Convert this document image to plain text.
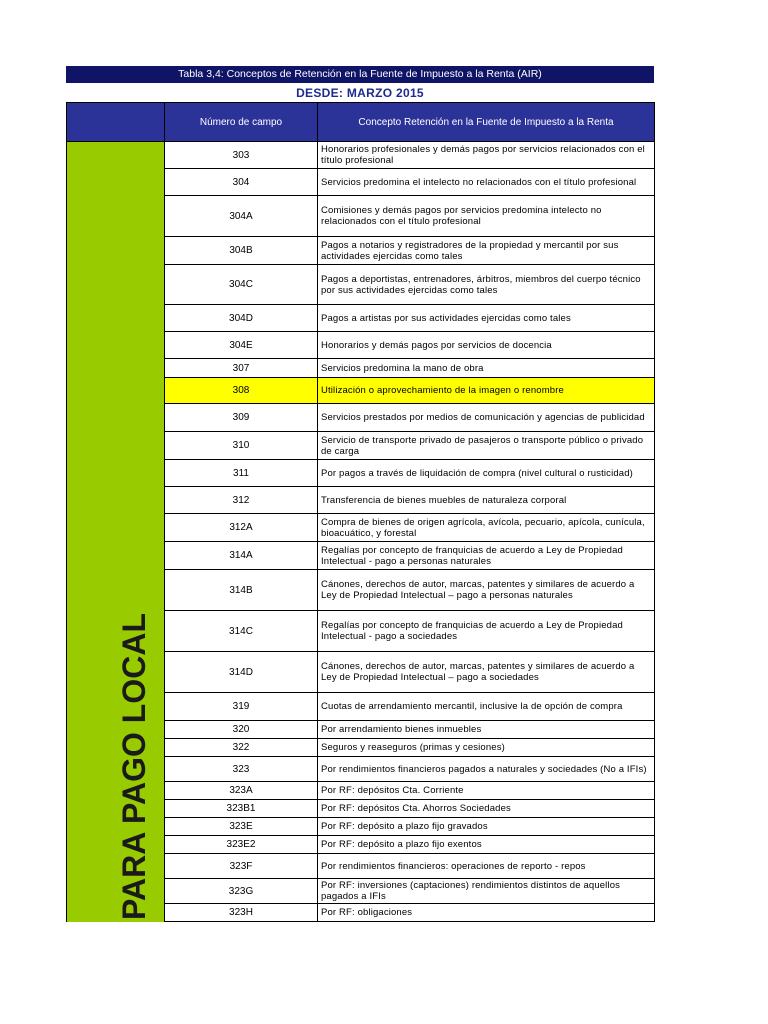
Tabla 3,4: Conceptos de Retención en la Fuente de Impuesto a la Renta (AIR)
DESDE: MARZO 2015
	Número de campo	Concepto Retención en la Fuente de Impuesto a la Renta

PARA PAGO LOCAL	303	Honorarios profesionales y demás pagos por servicios relacionados con el título profesional
	304	Servicios predomina el intelecto no relacionados con el título profesional
	304A	Comisiones y demás pagos por servicios predomina intelecto no relacionados con el título profesional
	304B	Pagos a notarios y registradores de la propiedad y mercantil por sus actividades ejercidas como tales
	304C	Pagos a deportistas, entrenadores, árbitros, miembros del cuerpo técnico por sus actividades ejercidas como tales
	304D	Pagos a artistas por sus actividades ejercidas como tales
	304E	Honorarios y demás pagos por servicios de docencia
	307	Servicios predomina la mano de obra
	308	Utilización o aprovechamiento de la imagen o renombre
	309	Servicios prestados por medios de comunicación y agencias de publicidad
	310	Servicio de transporte privado de pasajeros o transporte público o privado de carga
	311	Por pagos a través de liquidación de compra (nivel cultural o rusticidad)
	312	Transferencia de bienes muebles de naturaleza corporal
	312A	Compra de bienes de origen agrícola, avícola, pecuario, apícola, cunícula, bioacuático, y forestal
	314A	Regalías por concepto de franquicias de acuerdo a Ley de Propiedad Intelectual - pago a personas naturales
	314B	Cánones, derechos de autor, marcas, patentes y similares de acuerdo a Ley de Propiedad Intelectual – pago a personas naturales
	314C	Regalías por concepto de franquicias de acuerdo a Ley de Propiedad Intelectual - pago a sociedades
	314D	Cánones, derechos de autor, marcas, patentes y similares de acuerdo a Ley de Propiedad Intelectual – pago a sociedades
	319	Cuotas de arrendamiento mercantil, inclusive la de opción de compra
	320	Por arrendamiento bienes inmuebles
	322	Seguros y reaseguros (primas y cesiones)
	323	Por rendimientos financieros pagados a naturales y sociedades (No a IFIs)
	323A	Por RF: depósitos Cta. Corriente
	323B1	Por RF: depósitos Cta. Ahorros Sociedades
	323E	Por RF: depósito a plazo fijo gravados
	323E2	Por RF: depósito a plazo fijo exentos
	323F	Por rendimientos financieros: operaciones de reporto - repos
	323G	Por RF: inversiones (captaciones) rendimientos distintos de aquellos pagados a IFIs
	323H	Por RF: obligaciones
